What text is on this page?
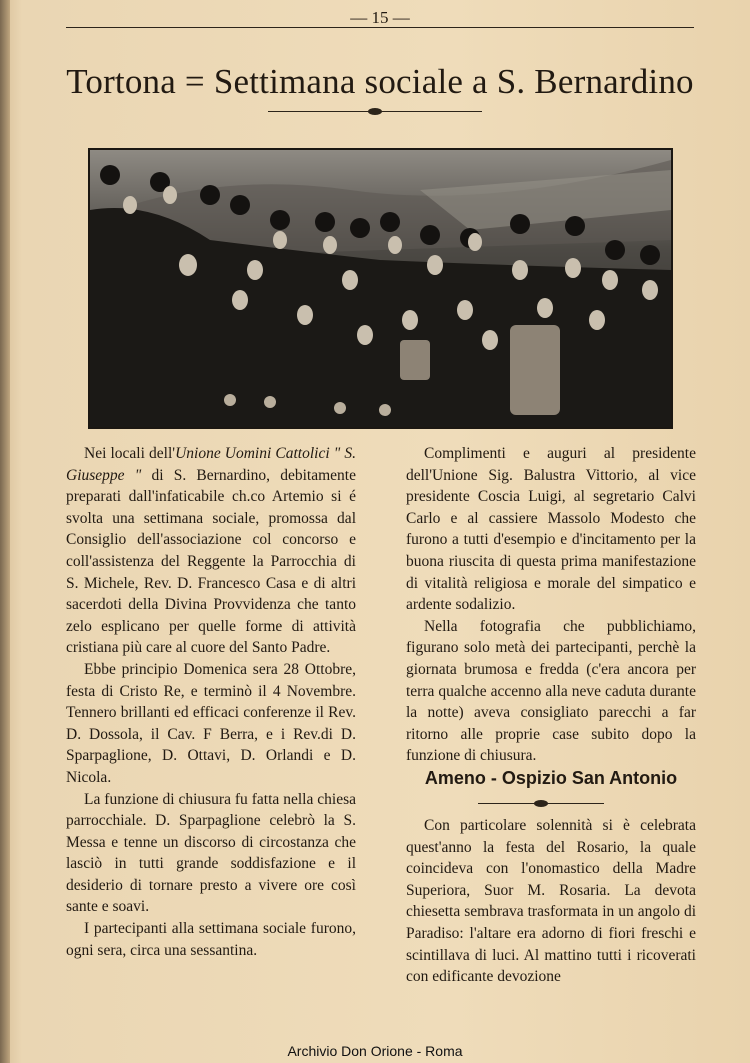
— 15 —
Tortona = Settimana sociale a S. Bernardino

Nei locali dell'Unione Uomini Cattolici " S. Giuseppe " di S. Bernardino, debitamente preparati dall'infaticabile ch.co Artemio si é svolta una settimana sociale, promossa dal Consiglio dell'associazione col concorso e coll'assistenza del Reggente la Parrocchia di S. Michele, Rev. D. Francesco Casa e di altri sacerdoti della Divina Provvidenza che tanto zelo esplicano per quelle forme di attività cristiana più care al cuore del Santo Padre.

Ebbe principio Domenica sera 28 Ottobre, festa di Cristo Re, e terminò il 4 Novembre. Tennero brillanti ed efficaci conferenze il Rev. D. Dossola, il Cav. F Berra, e i Rev.di D. Sparpaglione, D. Ottavi, D. Orlandi e D. Nicola.

La funzione di chiusura fu fatta nella chiesa parrocchiale. D. Sparpaglione celebrò la S. Messa e tenne un discorso di circostanza che lasciò in tutti grande soddisfazione e il desiderio di tornare presto a vivere ore così sante e soavi.

I partecipanti alla settimana sociale furono, ogni sera, circa una sessantina.

Complimenti e auguri al presidente dell'Unione Sig. Balustra Vittorio, al vice presidente Coscia Luigi, al segretario Calvi Carlo e al cassiere Massolo Modesto che furono a tutti d'esempio e d'incitamento per la buona riuscita di questa prima manifestazione di vitalità religiosa e morale del simpatico e ardente sodalizio.

Nella fotografia che pubblichiamo, figurano solo metà dei partecipanti, perchè la giornata brumosa e fredda (c'era ancora per terra qualche accenno alla neve caduta durante la notte) aveva consigliato parecchi a far ritorno alle proprie case subito dopo la funzione di chiusura.

Ameno - Ospizio San Antonio

Con particolare solennità si è celebrata quest'anno la festa del Rosario, la quale coincideva con l'onomastico della Madre Superiora, Suor M. Rosaria. La devota chiesetta sembrava trasformata in un angolo di Paradiso: l'altare era adorno di fiori freschi e scintillava di luci. Al mattino tutti i ricoverati con edificante devozione

Archivio Don Orione - Roma
